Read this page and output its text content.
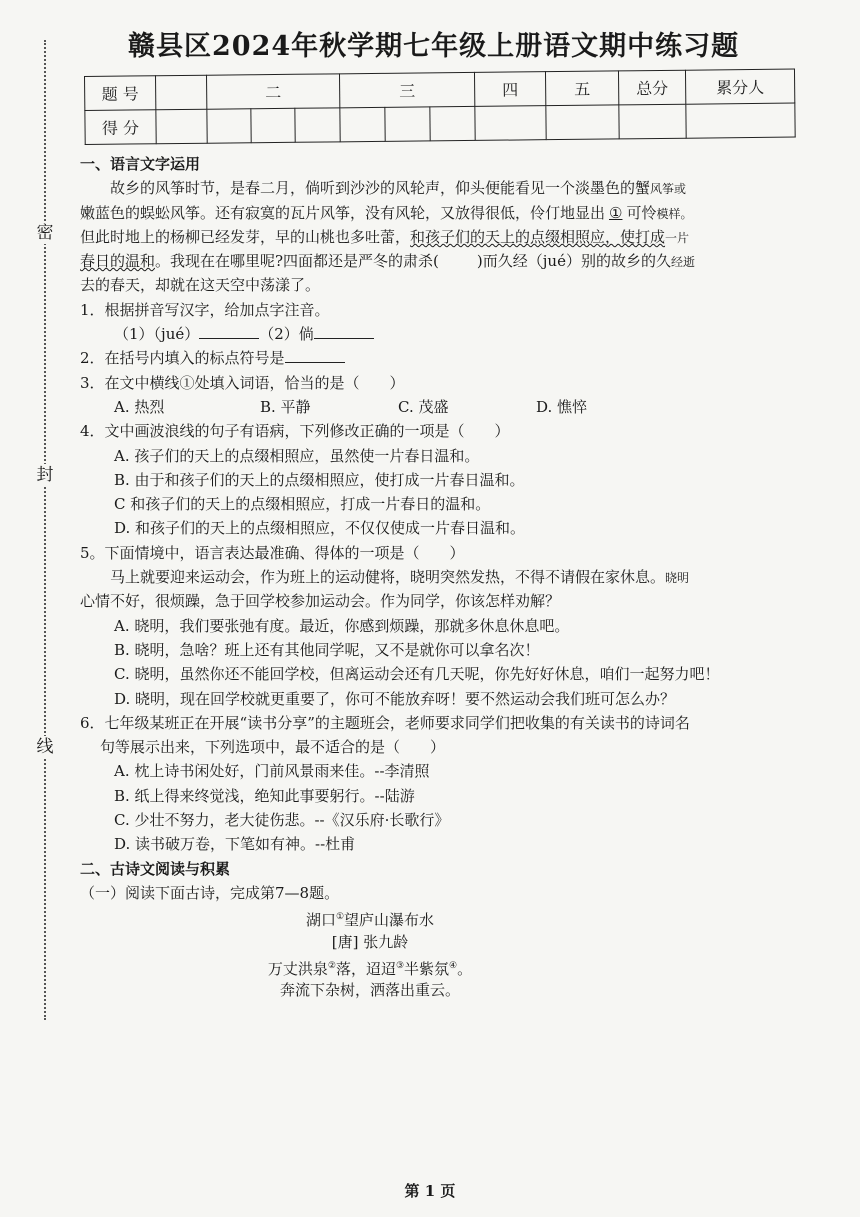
密
封
线
赣县区2024年秋学期七年级上册语文期中练习题
题 号		二			三			四	五	总分	累分人
得 分											
一、语言文字运用
故乡的风筝时节，是春二月，倘听到沙沙的风轮声，仰头便能看见一个淡墨色的蟹风筝或
嫩蓝色的蜈蚣风筝。还有寂寞的瓦片风筝，没有风轮，又放得很低，伶仃地显出 ① 可怜模样。
但此时地上的杨柳已经发芽，早的山桃也多吐蕾，和孩子们的天上的点缀相照应，使打成一片
春日的温和。我现在在哪里呢?四面都还是严冬的肃杀(	)而久经（jué）别的故乡的久经逝
去的春天，却就在这天空中荡漾了。
1．根据拼音写汉字，给加点字注音。
（1）（jué）	（2）倘
2．在括号内填入的标点符号是
3．在文中横线①处填入词语，恰当的是（　　）
A. 热烈	B. 平静	C. 茂盛	D. 憔悴
4．文中画波浪线的句子有语病，下列修改正确的一项是（　　）
A. 孩子们的天上的点缀相照应，虽然使一片春日温和。
B. 由于和孩子们的天上的点缀相照应，使打成一片春日温和。
C 和孩子们的天上的点缀相照应，打成一片春日的温和。
D. 和孩子们的天上的点缀相照应，不仅仅使成一片春日温和。
5。下面情境中，语言表达最准确、得体的一项是（　　）
马上就要迎来运动会，作为班上的运动健将，晓明突然发热，不得不请假在家休息。晓明
心情不好，很烦躁，急于回学校参加运动会。作为同学，你该怎样劝解？
A. 晓明，我们要张弛有度。最近，你感到烦躁，那就多休息休息吧。
B. 晓明，急啥？班上还有其他同学呢，又不是就你可以拿名次！
C. 晓明，虽然你还不能回学校，但离运动会还有几天呢，你先好好休息，咱们一起努力吧！
D. 晓明，现在回学校就更重要了，你可不能放弃呀！要不然运动会我们班可怎么办？
6．七年级某班正在开展“读书分享”的主题班会，老师要求同学们把收集的有关读书的诗词名
句等展示出来，下列选项中，最不适合的是（　　）
A. 枕上诗书闲处好，门前风景雨来佳。--李清照
B. 纸上得来终觉浅，绝知此事要躬行。--陆游
C. 少壮不努力，老大徒伤悲。--《汉乐府·长歌行》
D. 读书破万卷，下笔如有神。--杜甫
二、古诗文阅读与积累
（一）阅读下面古诗，完成第7—8题。
湖口①望庐山瀑布水
[唐] 张九龄
万丈洪泉②落，迢迢③半紫氛④。
奔流下杂树，洒落出重云。
第 1 页
